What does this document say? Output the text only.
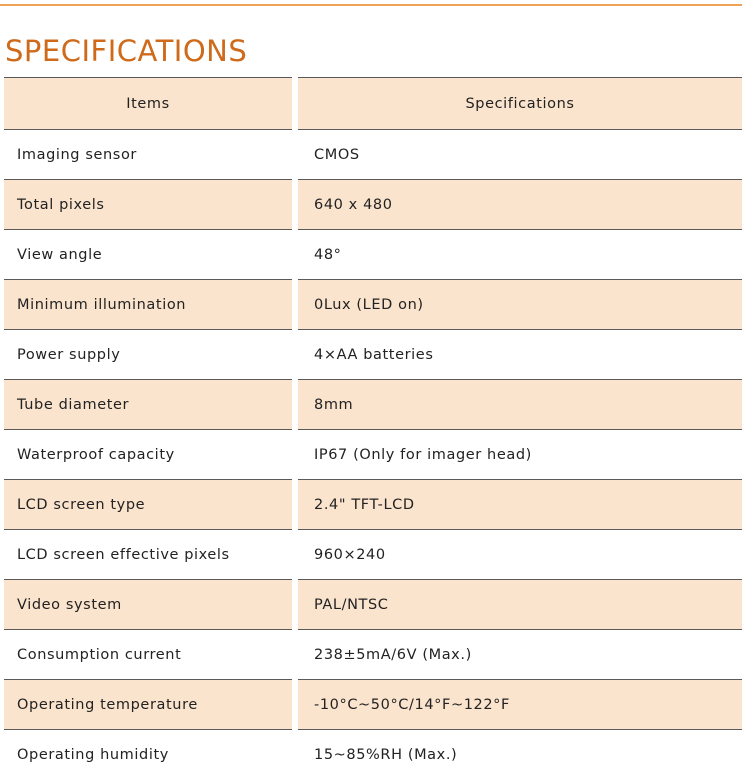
SPECIFICATIONS
Items	Specifications
Imaging sensor	CMOS
Total pixels	640 x 480
View angle	48°
Minimum illumination	0Lux (LED on)
Power supply	4×AA batteries
Tube diameter	8mm
Waterproof capacity	IP67 (Only for imager head)
LCD screen type	2.4" TFT-LCD
LCD screen effective pixels	960×240
Video system	PAL/NTSC
Consumption current	238±5mA/6V (Max.)
Operating temperature	-10°C~50°C/14°F~122°F
Operating humidity	15~85%RH (Max.)
